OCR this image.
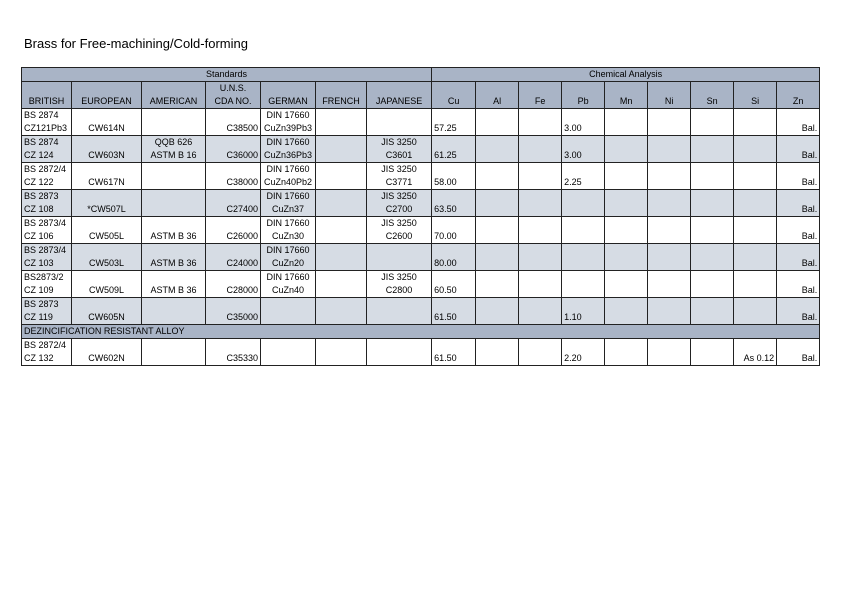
Brass for Free-machining/Cold-forming
Standards							Chemical Analysis								
			U.N.S.												
BRITISH	EUROPEAN	AMERICAN	CDA NO.	GERMAN	FRENCH	JAPANESE	Cu	Al	Fe	Pb	Mn	Ni	Sn	Si	Zn
BS 2874				DIN 17660											
CZ121Pb3	CW614N		C38500	CuZn39Pb3			57.25			3.00					Bal.
BS 2874		QQB 626		DIN 17660		JIS 3250									
CZ 124	CW603N	ASTM B 16	C36000	CuZn36Pb3		C3601	61.25			3.00					Bal.
BS 2872/4				DIN 17660		JIS 3250									
CZ 122	CW617N		C38000	CuZn40Pb2		C3771	58.00			2.25					Bal.
BS 2873				DIN 17660		JIS 3250									
CZ 108	*CW507L		C27400	CuZn37		C2700	63.50								Bal.
BS 2873/4				DIN 17660		JIS 3250									
CZ 106	CW505L	ASTM B 36	C26000	CuZn30		C2600	70.00								Bal.
BS 2873/4				DIN 17660											
CZ 103	CW503L	ASTM B 36	C24000	CuZn20			80.00								Bal.
BS2873/2				DIN 17660		JIS 3250									
CZ 109	CW509L	ASTM B 36	C28000	CuZn40		C2800	60.50								Bal.
BS 2873															
CZ 119	CW605N		C35000				61.50			1.10					Bal.
DEZINCIFICATION RESISTANT ALLOY															
BS 2872/4															
CZ 132	CW602N		C35330				61.50			2.20				As 0.12	Bal.
